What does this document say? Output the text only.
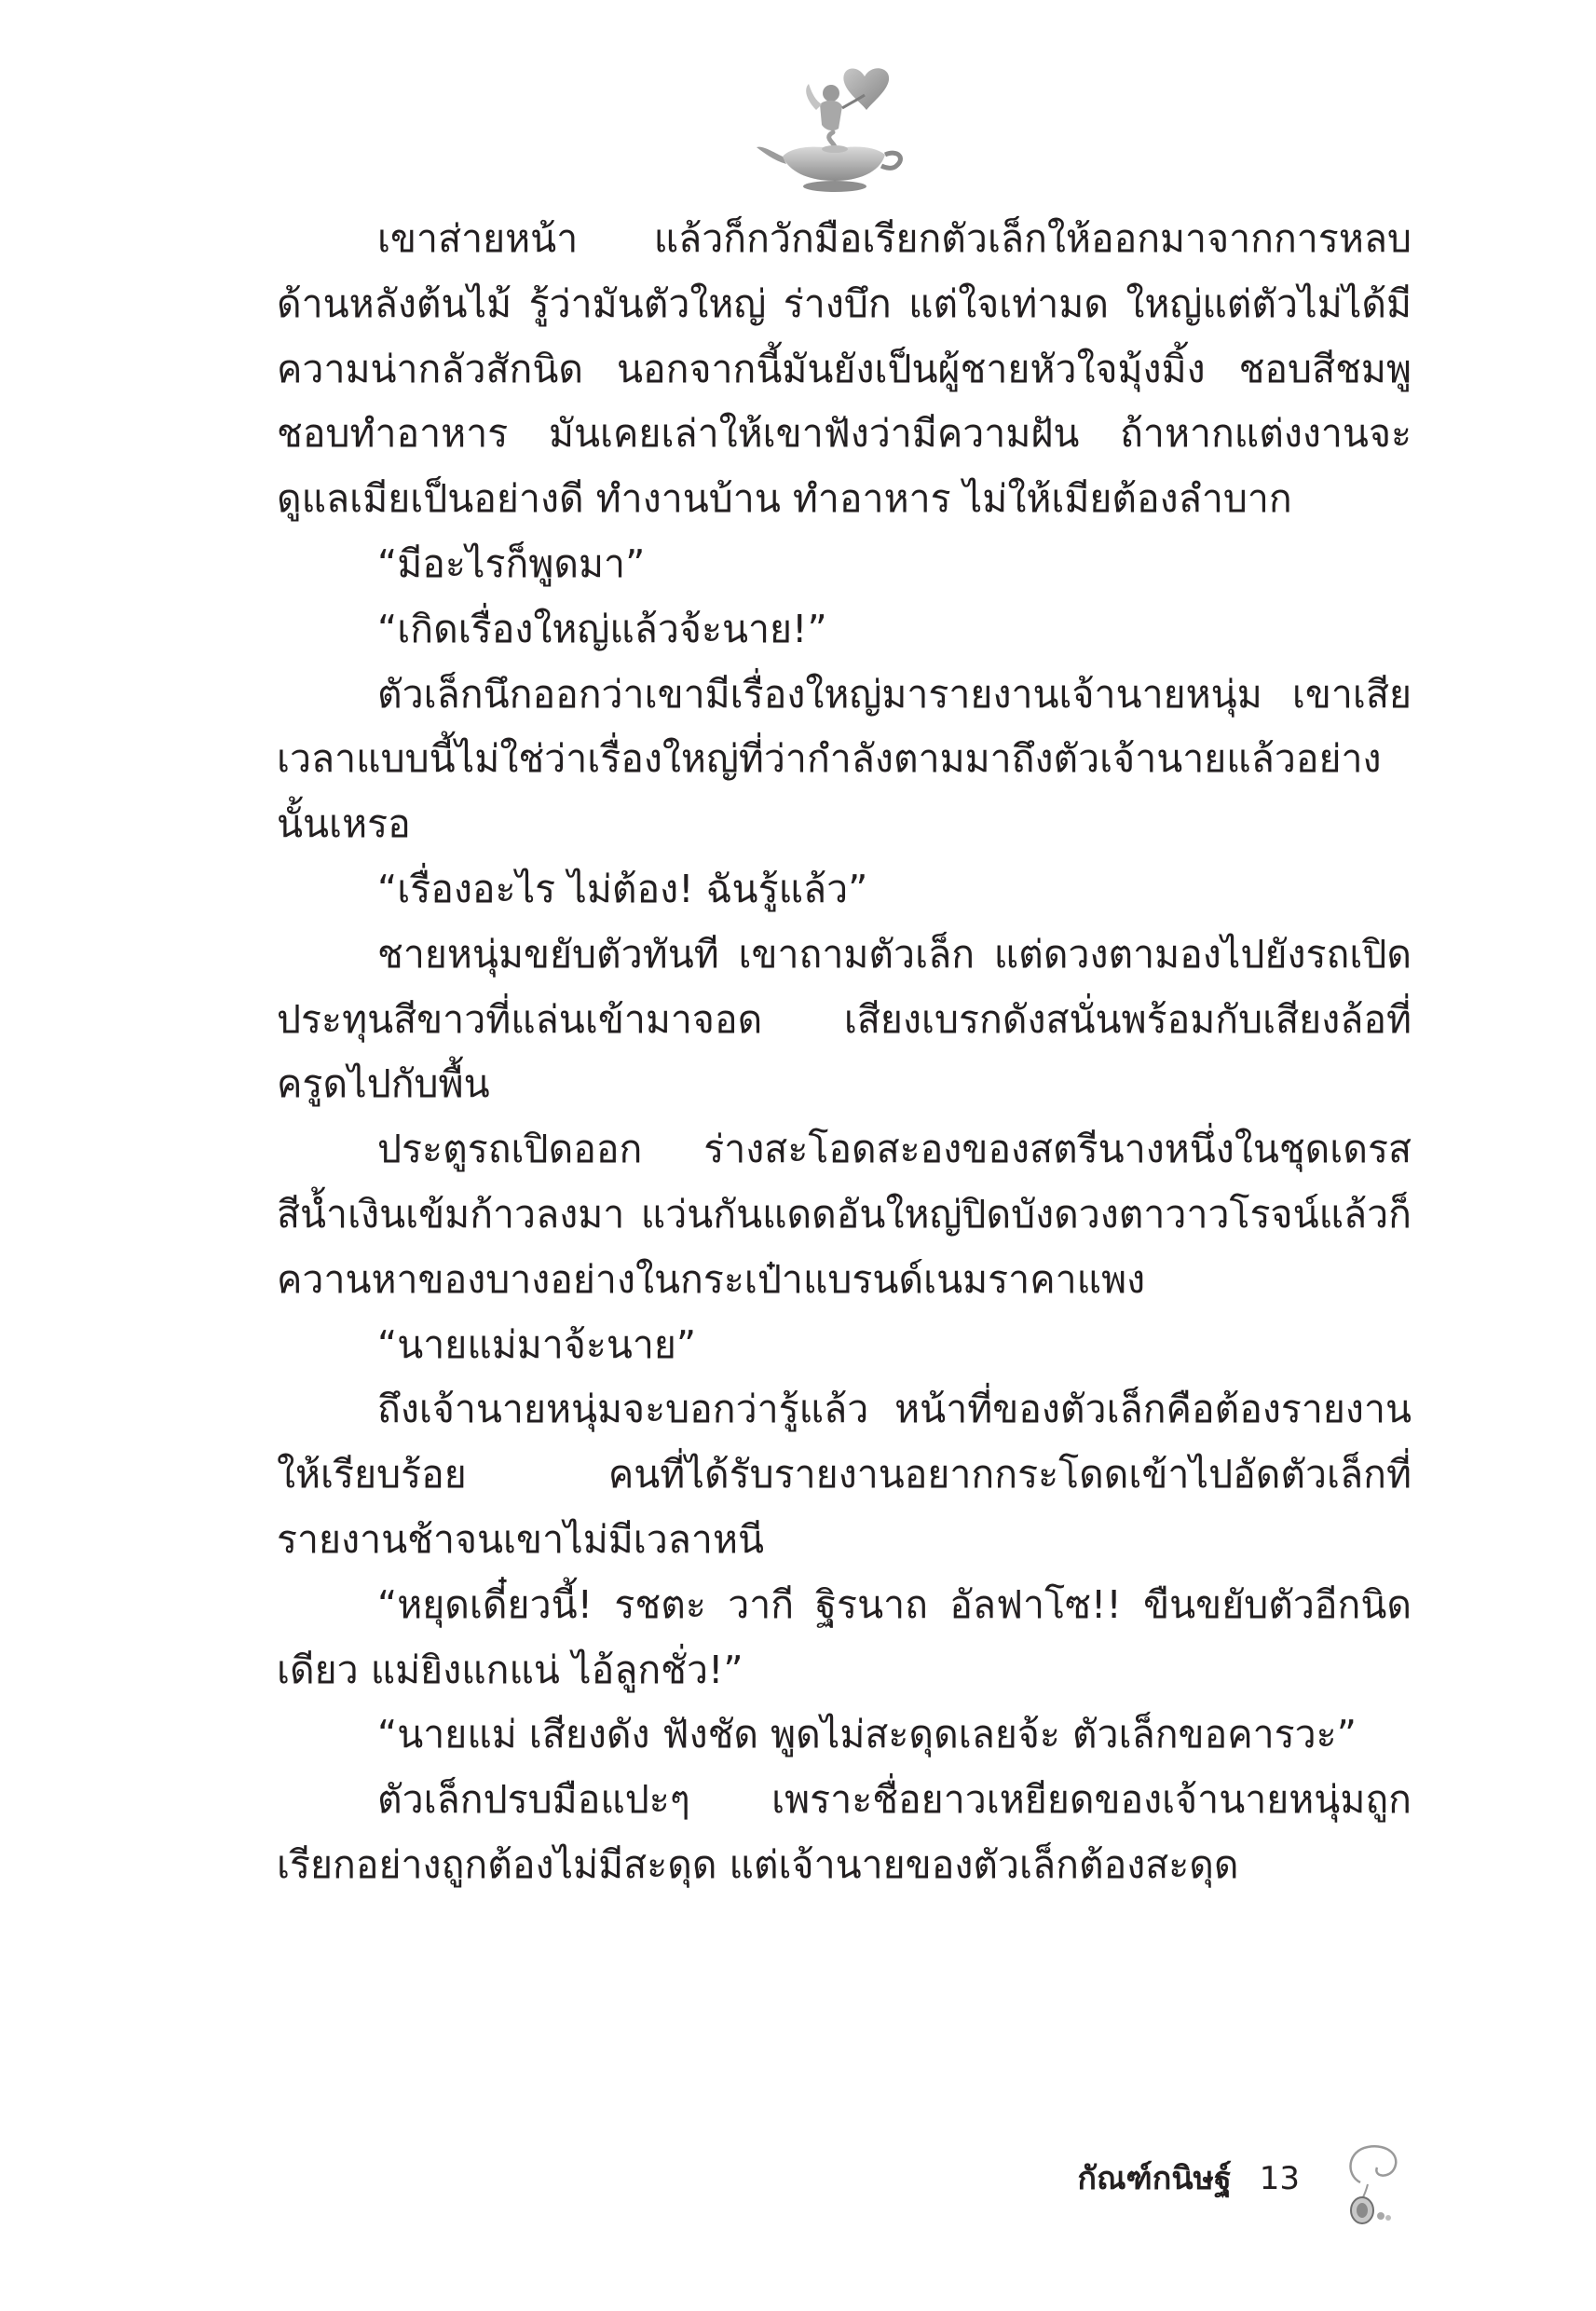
เขาส่ายหน้า แล้วก็กวักมือเรียกตัวเล็กให้ออกมาจากการหลบด้านหลังต้นไม้ รู้ว่ามันตัวใหญ่ ร่างบึก แต่ใจเท่ามด ใหญ่แต่ตัวไม่ได้มีความน่ากลัวสักนิด นอกจากนี้มันยังเป็นผู้ชายหัวใจมุ้งมิ้ง ชอบสีชมพู ชอบทำอาหาร มันเคยเล่าให้เขาฟังว่ามีความฝัน ถ้าหากแต่งงานจะดูแลเมียเป็นอย่างดี ทำงานบ้าน ทำอาหาร ไม่ให้เมียต้องลำบาก

“มีอะไรก็พูดมา”

“เกิดเรื่องใหญ่แล้วจ้ะนาย!”

ตัวเล็กนึกออกว่าเขามีเรื่องใหญ่มารายงานเจ้านายหนุ่ม เขาเสียเวลาแบบนี้ไม่ใช่ว่าเรื่องใหญ่ที่ว่ากำลังตามมาถึงตัวเจ้านายแล้วอย่างนั้นเหรอ

“เรื่องอะไร ไม่ต้อง! ฉันรู้แล้ว”

ชายหนุ่มขยับตัวทันที เขาถามตัวเล็ก แต่ดวงตามองไปยังรถเปิดประทุนสีขาวที่แล่นเข้ามาจอด เสียงเบรกดังสนั่นพร้อมกับเสียงล้อที่ครูดไปกับพื้น

ประตูรถเปิดออก ร่างสะโอดสะองของสตรีนางหนึ่งในชุดเดรสสีน้ำเงินเข้มก้าวลงมา แว่นกันแดดอันใหญ่ปิดบังดวงตาวาวโรจน์แล้วก็ควานหาของบางอย่างในกระเป๋าแบรนด์เนมราคาแพง

“นายแม่มาจ้ะนาย”

ถึงเจ้านายหนุ่มจะบอกว่ารู้แล้ว หน้าที่ของตัวเล็กคือต้องรายงานให้เรียบร้อย คนที่ได้รับรายงานอยากกระโดดเข้าไปอัดตัวเล็กที่รายงานช้าจนเขาไม่มีเวลาหนี

“หยุดเดี๋ยวนี้! รชตะ วากี ฐิรนาถ อัลฟาโซ!! ขืนขยับตัวอีกนิดเดียว แม่ยิงแกแน่ ไอ้ลูกชั่ว!”

“นายแม่ เสียงดัง ฟังชัด พูดไม่สะดุดเลยจ้ะ ตัวเล็กขอคารวะ”

ตัวเล็กปรบมือแปะๆ เพราะชื่อยาวเหยียดของเจ้านายหนุ่มถูกเรียกอย่างถูกต้องไม่มีสะดุด แต่เจ้านายของตัวเล็กต้องสะดุด

กัณฑ์กนิษฐ์ 13
